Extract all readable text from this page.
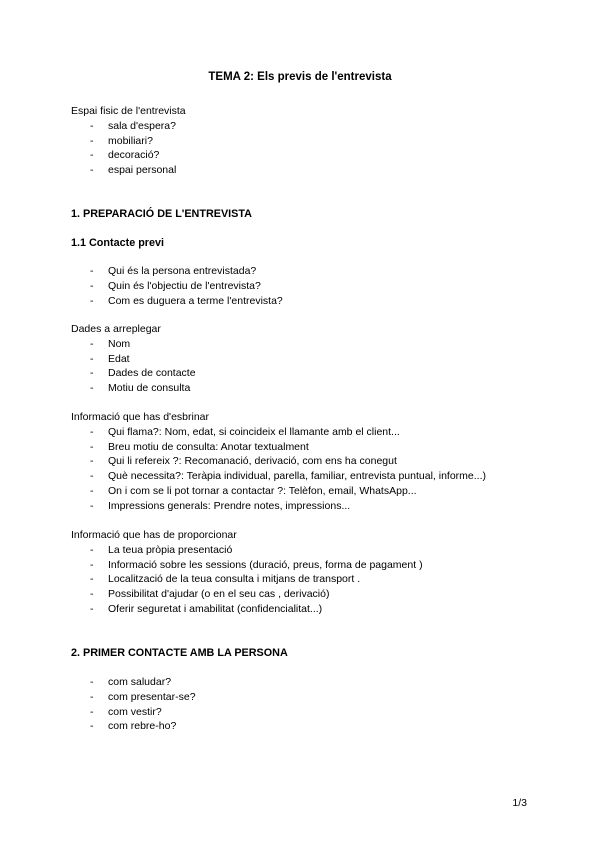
TEMA 2: Els previs de l'entrevista
Espai fisic de l'entrevista
- sala d'espera?
- mobiliari?
- decoració?
- espai personal
1. PREPARACIÓ DE L'ENTREVISTA
1.1 Contacte previ
- Qui és la persona entrevistada?
- Quin és l'objectiu de l'entrevista?
- Com es duguera a terme l'entrevista?
Dades a arreplegar
- Nom
- Edat
- Dades de contacte
- Motiu de consulta
Informació que has d'esbrinar
- Qui flama?: Nom, edat, si coincideix el llamante amb el client...
- Breu motiu de consulta: Anotar textualment
- Qui li refereix ?: Recomanació, derivació, com ens ha conegut
- Què necessita?: Teràpia individual, parella, familiar, entrevista puntual, informe...)
- On i com se li pot tornar a contactar ?: Telèfon, email, WhatsApp...
- Impressions generals: Prendre notes, impressions...
Informació que has de proporcionar
- La teua pròpia presentació
- Informació sobre les sessions (duració, preus, forma de pagament )
- Localització de la teua consulta i mitjans de transport .
- Possibilitat d'ajudar (o en el seu cas , derivació)
- Oferir seguretat i amabilitat (confidencialitat...)
2. PRIMER CONTACTE AMB LA PERSONA
- com saludar?
- com presentar-se?
- com vestir?
- com rebre-ho?
1/3
